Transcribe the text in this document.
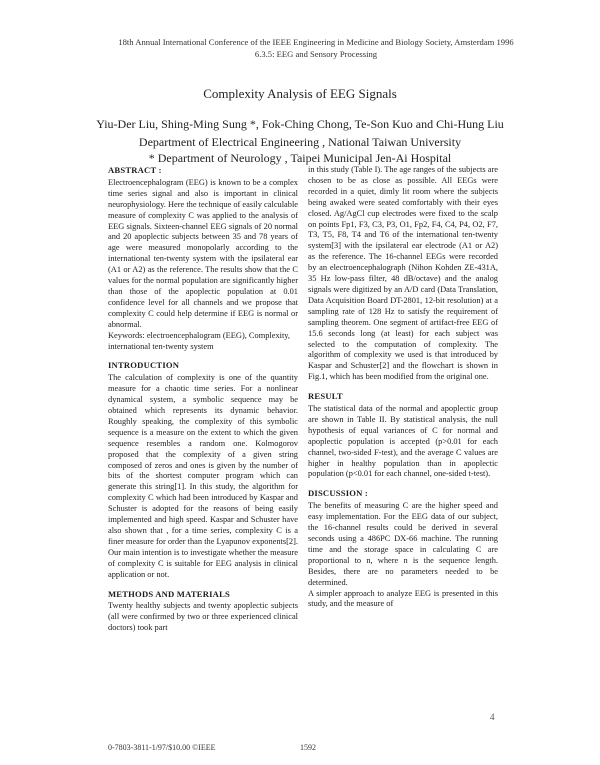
18th Annual International Conference of the IEEE Engineering in Medicine and Biology Society, Amsterdam 1996
6.3.5: EEG and Sensory Processing
Complexity Analysis of EEG Signals
Yiu-Der Liu, Shing-Ming Sung *, Fok-Ching Chong, Te-Son Kuo and Chi-Hung Liu
Department of Electrical Engineering , National Taiwan University
* Department of Neurology , Taipei Municipal Jen-Ai Hospital
ABSTRACT :

Electroencephalogram (EEG) is known to be a complex time series signal and also is important in clinical neurophysiology. Here the technique of easily calculable measure of complexity C was applied to the analysis of EEG signals. Sixteen-channel EEG signals of 20 normal and 20 apoplectic subjects between 35 and 78 years of age were measured monopolarly according to the international ten-twenty system with the ipsilateral ear (A1 or A2) as the reference. The results show that the C values for the normal population are significantly higher than those of the apoplectic population at 0.01 confidence level for all channels and we propose that complexity C could help determine if EEG is normal or abnormal.

Keywords: electroencephalogram (EEG), Complexity, international ten-twenty system

INTRODUCTION

The calculation of complexity is one of the quantity measure for a chaotic time series. For a nonlinear dynamical system, a symbolic sequence may be obtained which represents its dynamic behavior. Roughly speaking, the complexity of this symbolic sequence is a measure on the extent to which the given sequence resembles a random one. Kolmogorov proposed that the complexity of a given string composed of zeros and ones is given by the number of bits of the shortest computer program which can generate this string[1]. In this study, the algorithm for complexity C which had been introduced by Kaspar and Schuster is adopted for the reasons of being easily implemented and high speed. Kaspar and Schuster have also shown that , for a time series, complexity C is a finer measure for order than the Lyapunov exponents[2]. Our main intention is to investigate whether the measure of complexity C is suitable for EEG analysis in clinical application or not.

METHODS AND MATERIALS

Twenty healthy subjects and twenty apoplectic subjects (all were confirmed by two or three experienced clinical doctors) took part

in this study (Table I). The age ranges of the subjects are chosen to be as close as possible. All EEGs were recorded in a quiet, dimly lit room where the subjects being awaked were seated comfortably with their eyes closed. Ag/AgCl cup electrodes were fixed to the scalp on points Fp1, F3, C3, P3, O1, Fp2, F4, C4, P4, O2, F7, T3, T5, F8, T4 and T6 of the international ten-twenty system[3] with the ipsilateral ear electrode (A1 or A2) as the reference. The 16-channel EEGs were recorded by an electroencephalograph (Nihon Kohden ZE-431A, 35 Hz low-pass filter, 48 dB/octave) and the analog signals were digitized by an A/D card (Data Translation, Data Acquisition Board DT-2801, 12-bit resolution) at a sampling rate of 128 Hz to satisfy the requirement of sampling theorem. One segment of artifact-free EEG of 15.6 seconds long (at least) for each subject was selected to the computation of complexity. The algorithm of complexity we used is that introduced by Kaspar and Schuster[2] and the flowchart is shown in Fig.1, which has been modified from the original one.

RESULT

The statistical data of the normal and apoplectic group are shown in Table II. By statistical analysis, the null hypothesis of equal variances of C for normal and apoplectic population is accepted (p>0.01 for each channel, two-sided F-test), and the average C values are higher in healthy population than in apoplectic population (p<0.01 for each channel, one-sided t-test).

DISCUSSION :

The benefits of measuring C are the higher speed and easy implementation. For the EEG data of our subject, the 16-channel results could be derived in several seconds using a 486PC DX-66 machine. The running time and the storage space in calculating C are proportional to n, where n is the sequence length. Besides, there are no parameters needed to be determined.

A simpler approach to analyze EEG is presented in this study, and the measure of

4
0-7803-3811-1/97/$10.00 ©IEEE	1592
